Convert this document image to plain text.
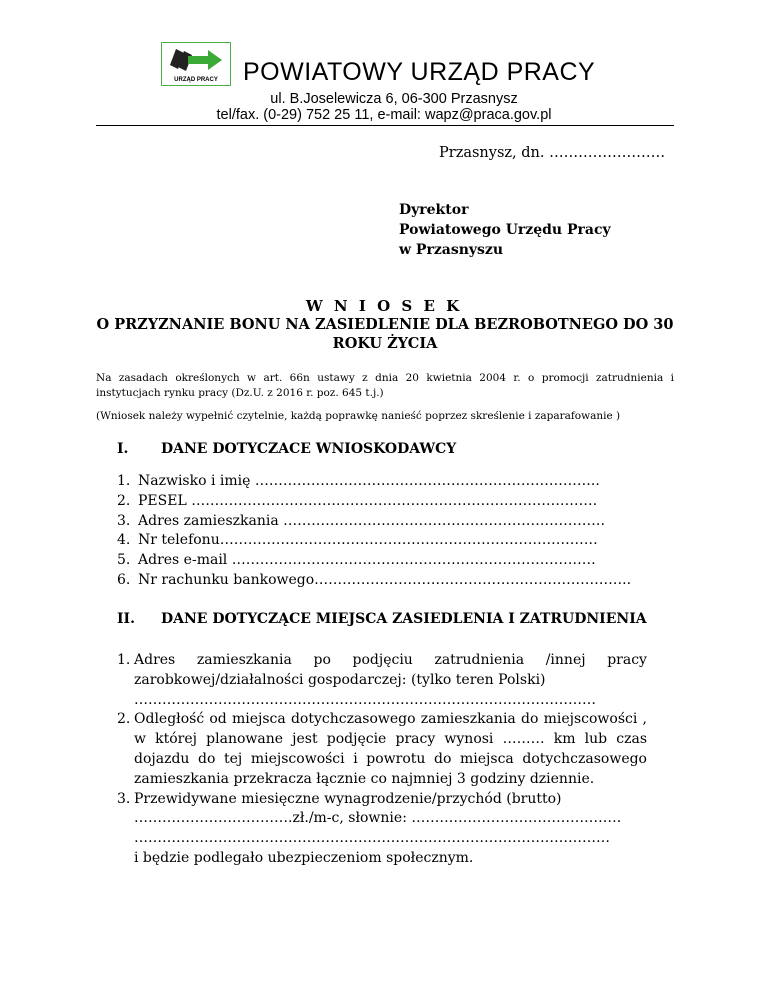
URZĄD PRACY	POWIATOWY URZĄD PRACY
ul. B.Joselewicza 6, 06-300 Przasnysz
tel/fax. (0-29) 752 25 11, e-mail: wapz@praca.gov.pl
Przasnysz, dn. ……………………
Dyrektor
Powiatowego Urzędu Pracy
w Przasnyszu
W N I O S E K
O PRZYZNANIE BONU NA ZASIEDLENIE DLA BEZROBOTNEGO DO 30 ROKU ŻYCIA
Na zasadach określonych w art. 66n ustawy z dnia 20 kwietnia 2004 r. o promocji zatrudnienia i instytucjach rynku pracy (Dz.U. z 2016 r. poz. 645 t.j.)
(Wniosek należy wypełnić czytelnie, każdą poprawkę nanieść poprzez skreślenie i zaparafowanie )
I. DANE DOTYCZACE WNIOSKODAWCY
1. Nazwisko i imię ………………………………………………………………..
2. PESEL ……………………………………………………………………………
3. Adres zamieszkania ……………………………………………………………
4. Nr telefonu………………………………………………………………………
5. Adres e-mail ……………………………………………………………………
6. Nr rachunku bankowego…………………………………………………………..
II. DANE DOTYCZĄCE MIEJSCA ZASIEDLENIA I ZATRUDNIENIA
1. Adres zamieszkania po podjęciu zatrudnienia /innej pracy
zarobkowej/działalności gospodarczej: (tylko teren Polski)
………………………………………………………………………………………
2. Odległość od miejsca dotychczasowego zamieszkania do miejscowości , w której planowane jest podjęcie pracy wynosi ……… km lub czas dojazdu do tej miejscowości i powrotu do miejsca dotychczasowego zamieszkania przekracza łącznie co najmniej 3 godziny dziennie.
3. Przewidywane miesięczne wynagrodzenie/przychód (brutto)
…………………………….zł./m-c, słownie: ………………………………………
…………………………………………………………………………………………
i będzie podlegało ubezpieczeniom społecznym.
